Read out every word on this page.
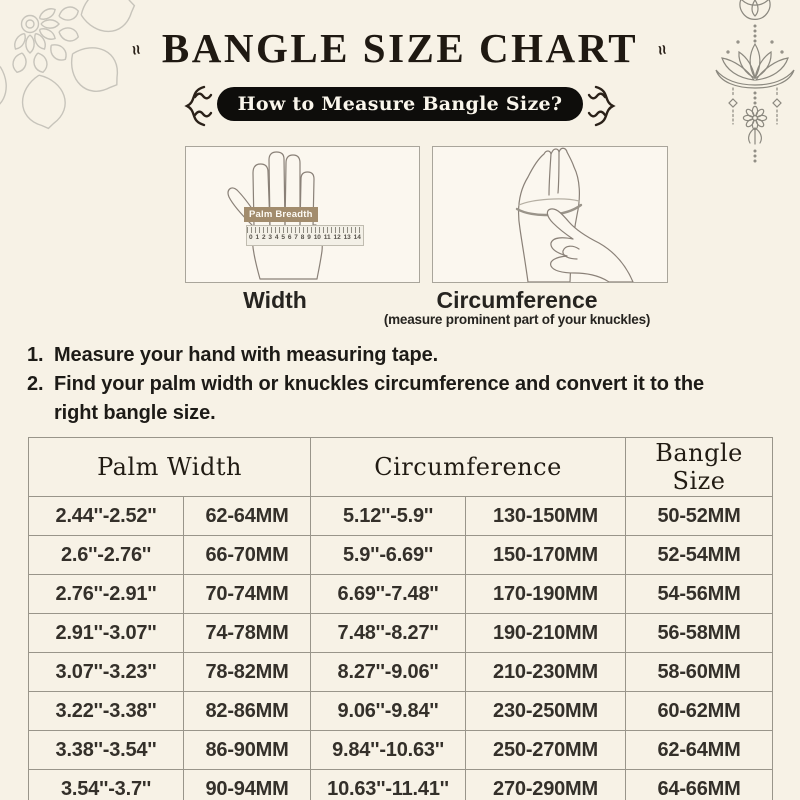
BANGLE SIZE CHART
≈	≈
How to Measure Bangle Size?
Palm Breadth
0 1 2 3 4 5 6 7 8 9 10 11 12 13 14
Width	Circumference
(measure prominent part of your knuckles)
1. Measure your hand with measuring tape.
2. Find your palm width or knuckles circumference and convert it to the
right bangle size.
Palm Width		Circumference		Bangle Size
2.44''-2.52''	62-64MM	5.12''-5.9''	130-150MM	50-52MM
2.6''-2.76''	66-70MM	5.9''-6.69''	150-170MM	52-54MM
2.76''-2.91''	70-74MM	6.69''-7.48''	170-190MM	54-56MM
2.91''-3.07''	74-78MM	7.48''-8.27''	190-210MM	56-58MM
3.07''-3.23''	78-82MM	8.27''-9.06''	210-230MM	58-60MM
3.22''-3.38''	82-86MM	9.06''-9.84''	230-250MM	60-62MM
3.38''-3.54''	86-90MM	9.84''-10.63''	250-270MM	62-64MM
3.54''-3.7''	90-94MM	10.63''-11.41''	270-290MM	64-66MM
